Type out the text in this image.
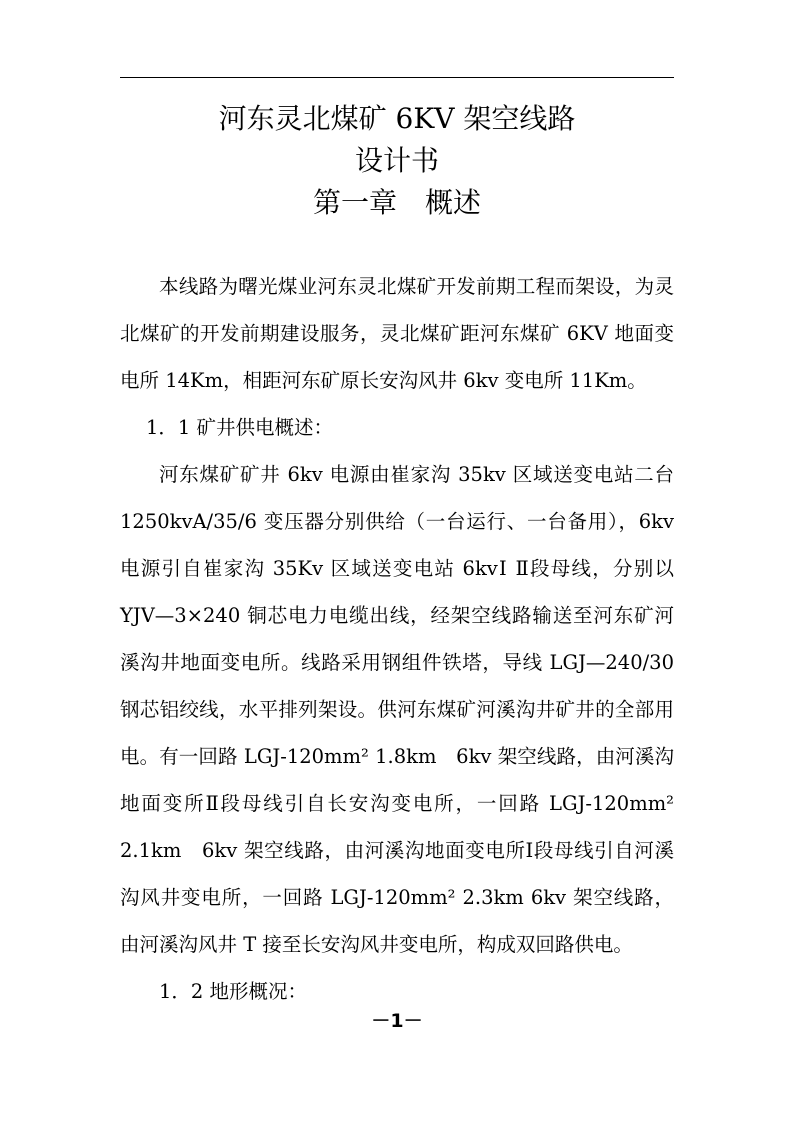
河东灵北煤矿 6KV 架空线路
设计书
第一章　概述

本线路为曙光煤业河东灵北煤矿开发前期工程而架设，为灵北煤矿的开发前期建设服务，灵北煤矿距河东煤矿 6KV 地面变电所 14Km，相距河东矿原长安沟风井 6kv 变电所 11Km。

1．1 矿井供电概述：

河东煤矿矿井 6kv 电源由崔家沟 35kv 区域送变电站二台 1250kvA/35/6 变压器分别供给（一台运行、一台备用），6kv 电源引自崔家沟 35Kv 区域送变电站 6kvⅠ Ⅱ段母线，分别以 YJV—3×240 铜芯电力电缆出线，经架空线路输送至河东矿河溪沟井地面变电所。线路采用钢组件铁塔，导线 LGJ—240/30 钢芯铝绞线，水平排列架设。供河东煤矿河溪沟井矿井的全部用电。有一回路 LGJ-120mm² 1.8km　6kv 架空线路，由河溪沟地面变所Ⅱ段母线引自长安沟变电所，一回路 LGJ-120mm² 2.1km　6kv 架空线路，由河溪沟地面变电所Ⅰ段母线引自河溪沟风井变电所，一回路 LGJ-120mm² 2.3km 6kv 架空线路，由河溪沟风井 T 接至长安沟风井变电所，构成双回路供电。

1．2 地形概况：

－1－
